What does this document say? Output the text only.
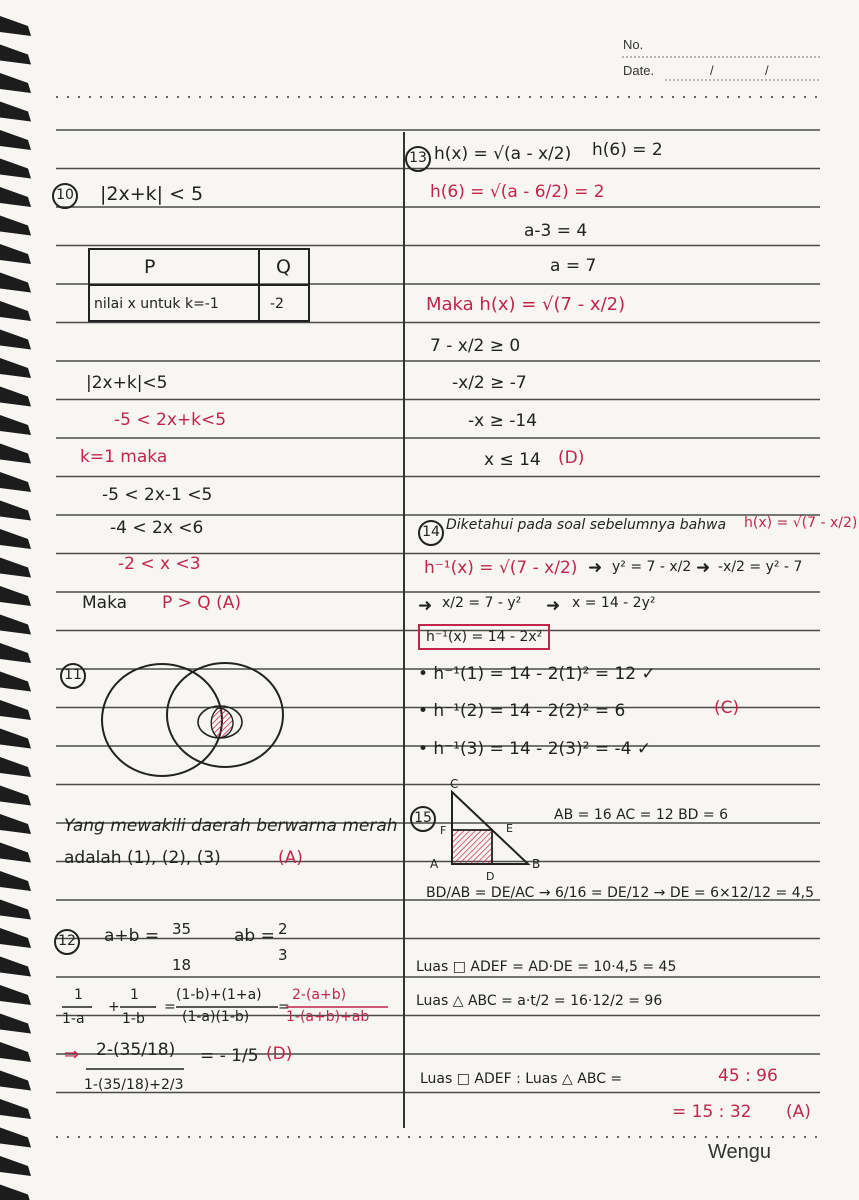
No.
Date.	/	/
10 |2x+k| < 5
P	Q
nilai x untuk k=-1	-2
|2x+k|<5
-5 < 2x+k<5
k=1 maka
-5 < 2x-1 <5
-4 < 2x <6
-2 < x <3
Maka P > Q (A)
11
Yang mewakili daerah berwarna merah
adalah (1), (2), (3)	(A)
12 a+b = 35
18
ab = 2
3
1
1-a
+
1
1-b
=
(1-b)+(1+a)
(1-a)(1-b)
=
2-(a+b)
1-(a+b)+ab
⇒ 2-(35/18)
1-(35/18)+2/3
= - 1/5 (D)
13 h(x) = √(a - x/2) h(6) = 2
h(6) = √(a - 6/2) = 2
a-3 = 4
a = 7
Maka h(x) = √(7 - x/2)
7 - x/2 ≥ 0
-x/2 ≥ -7
-x ≥ -14
x ≤ 14 (D)
14 Diketahui pada soal sebelumnya bahwa h(x) = √(7 - x/2)
h⁻¹(x) = √(7 - x/2) ➜ y² = 7 - x/2 ➜ -x/2 = y² - 7
➜ x/2 = 7 - y² ➜ x = 14 - 2y²
h⁻¹(x) = 14 - 2x²
• h⁻¹(1) = 14 - 2(1)² = 12 ✓
• h⁻¹(2) = 14 - 2(2)² = 6	(C)
• h⁻¹(3) = 14 - 2(3)² = -4 ✓
15
C
F	E
A
D
B
AB = 16 AC = 12 BD = 6
BD/AB = DE/AC → 6/16 = DE/12 → DE = 6×12/12 = 4,5
Luas □ ADEF = AD·DE = 10·4,5 = 45
Luas △ ABC = a·t/2 = 16·12/2 = 96
Luas □ ADEF : Luas △ ABC =	45 : 96
= 15 : 32 (A)
Wengu
